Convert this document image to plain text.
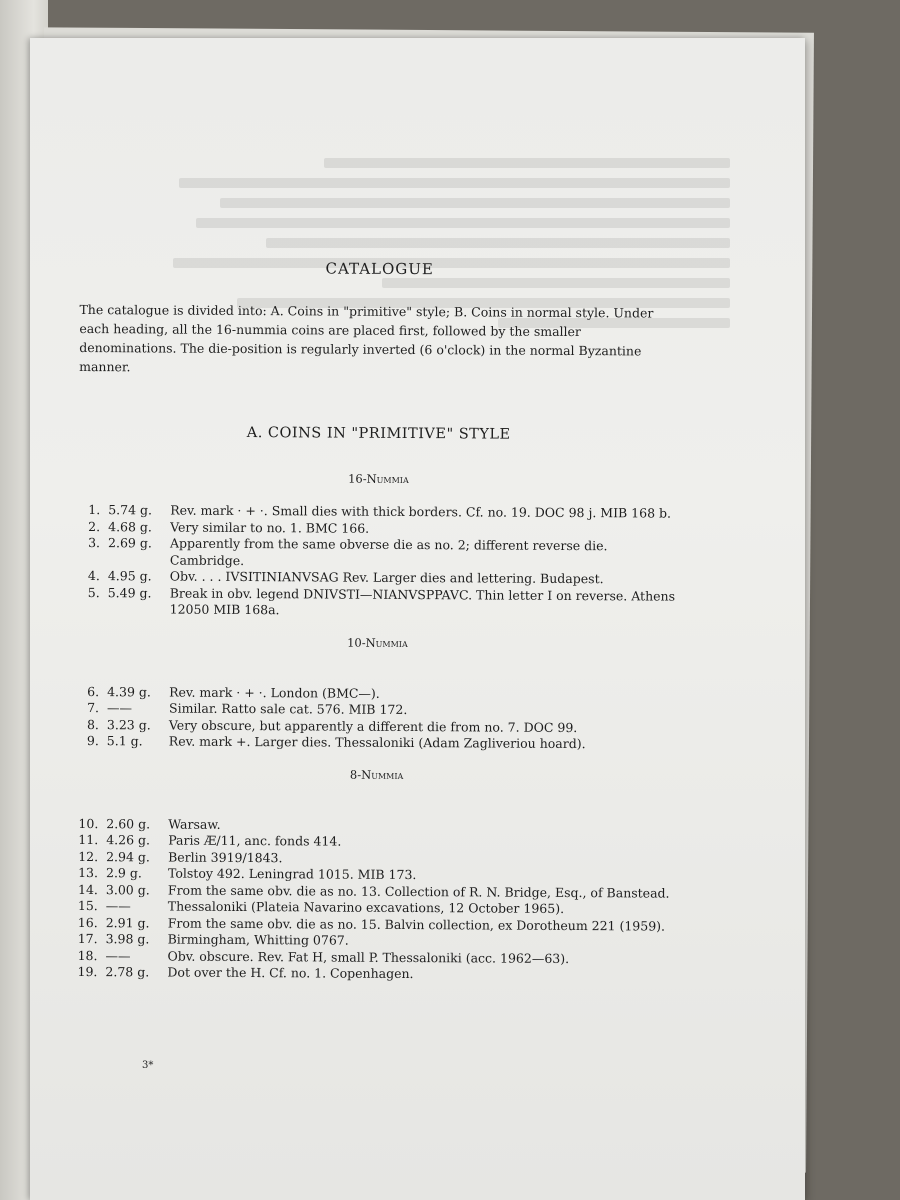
3*
CATALOGUE

The catalogue is divided into: A. Coins in "primitive" style; B. Coins in normal style. Under each heading, all the 16-nummia coins are placed first, followed by the smaller denominations. The die-position is regularly inverted (6 o'clock) in the normal Byzantine manner.

A. COINS IN "PRIMITIVE" STYLE
16-Nummia
1. 5.74 g.	Rev. mark · + ·. Small dies with thick borders. Cf. no. 19. DOC 98 j. MIB 168 b.
2. 4.68 g.	Very similar to no. 1. BMC 166.
3. 2.69 g.	Apparently from the same obverse die as no. 2; different reverse die. Cambridge.
4. 4.95 g.	Obv. . . . IVSITINIANVSAG Rev. Larger dies and lettering. Budapest.
5. 5.49 g.	Break in obv. legend DNIVSTI—NIANVSPPAVC. Thin letter I on reverse. Athens 12050 MIB 168a.
10-Nummia
6. 4.39 g.	Rev. mark · + ·. London (BMC—).
7. ——	Similar. Ratto sale cat. 576. MIB 172.
8. 3.23 g.	Very obscure, but apparently a different die from no. 7. DOC 99.
9. 5.1 g.	Rev. mark +. Larger dies. Thessaloniki (Adam Zagliveriou hoard).
8-Nummia
10. 2.60 g.	Warsaw.
11. 4.26 g.	Paris Æ/11, anc. fonds 414.
12. 2.94 g.	Berlin 3919/1843.
13. 2.9 g.	Tolstoy 492. Leningrad 1015. MIB 173.
14. 3.00 g.	From the same obv. die as no. 13. Collection of R. N. Bridge, Esq., of Banstead.
15. ——	Thessaloniki (Plateia Navarino excavations, 12 October 1965).
16. 2.91 g.	From the same obv. die as no. 15. Balvin collection, ex Dorotheum 221 (1959).
17. 3.98 g.	Birmingham, Whitting 0767.
18. ——	Obv. obscure. Rev. Fat H, small P. Thessaloniki (acc. 1962—63).
19. 2.78 g.	Dot over the H. Cf. no. 1. Copenhagen.
